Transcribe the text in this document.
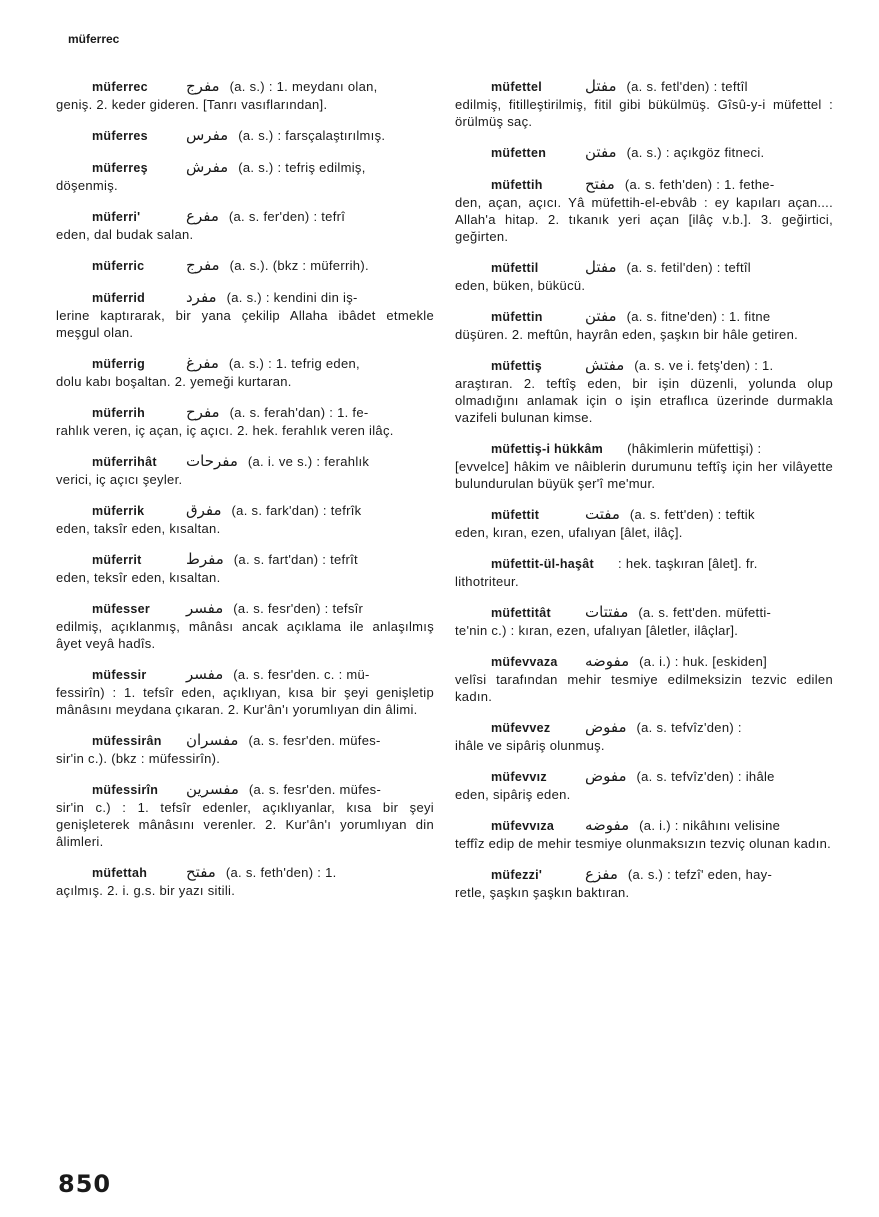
müferrec
müferrec	مفرج (a. s.) : 1. meydanı olan,
geniş. 2. keder gideren. [Tanrı vasıflarından].
müferres	مفرس (a. s.) : farsçalaştırılmış.
müferreş	مفرش (a. s.) : tefriş edilmiş,
döşenmiş.
müferri'	مفرع (a. s. fer'den) : tefrî
eden, dal budak salan.
müferric	مفرج (a. s.). (bkz : müferrih).
müferrid	مفرد (a. s.) : kendini din iş-
lerine kaptırarak, bir yana çekilip Allaha ibâdet etmekle meşgul olan.
müferrig	مفرغ (a. s.) : 1. tefrig eden,
dolu kabı boşaltan. 2. yemeği kurtaran.
müferrih	مفرح (a. s. ferah'dan) : 1. fe-
rahlık veren, iç açan, iç açıcı. 2. hek. ferahlık veren ilâç.
müferrihât	مفرحات (a. i. ve s.) : ferahlık
verici, iç açıcı şeyler.
müferrik	مفرق (a. s. fark'dan) : tefrîk
eden, taksîr eden, kısaltan.
müferrit	مفرط (a. s. fart'dan) : tefrît
eden, teksîr eden, kısaltan.
müfesser	مفسر (a. s. fesr'den) : tefsîr
edilmiş, açıklanmış, mânâsı ancak açıklama ile anlaşılmış âyet veyâ hadîs.
müfessir	مفسر (a. s. fesr'den. c. : mü-
fessirîn) : 1. tefsîr eden, açıklıyan, kısa bir şeyi genişletip mânâsını meydana çıkaran. 2. Kur'ân'ı yorumlıyan din âlimi.
müfessirân	مفسران (a. s. fesr'den. müfes-
sir'in c.). (bkz : müfessirîn).
müfessirîn	مفسرين (a. s. fesr'den. müfes-
sir'in c.) : 1. tefsîr edenler, açıklıyanlar, kısa bir şeyi genişleterek mânâsını verenler. 2. Kur'ân'ı yorumlıyan din âlimleri.
müfettah	مفتح (a. s. feth'den) : 1.
açılmış. 2. i. g.s. bir yazı sitili.
müfettel	مفتل (a. s. fetl'den) : teftîl
edilmiş, fitilleştirilmiş, fitil gibi bükülmüş. Gîsû-y-i müfettel : örülmüş saç.
müfetten	مفتن (a. s.) : açıkgöz fitneci.
müfettih	مفتح (a. s. feth'den) : 1. fethe-
den, açan, açıcı. Yâ müfettih-el-ebvâb : ey kapıları açan.... Allah'a hitap. 2. tıkanık yeri açan [ilâç v.b.]. 3. geğirtici, geğirten.
müfettil	مفتل (a. s. fetil'den) : teftîl
eden, büken, bükücü.
müfettin	مفتن (a. s. fitne'den) : 1. fitne
düşüren. 2. meftûn, hayrân eden, şaşkın bir hâle getiren.
müfettiş	مفتش (a. s. ve i. fetş'den) : 1.
araştıran. 2. teftîş eden, bir işin düzenli, yolunda olup olmadığını anlamak için o işin etraflıca üzerinde durmakla vazifeli bulunan kimse.
müfettiş-i hükkâm (hâkimlerin müfettişi) :
[evvelce] hâkim ve nâiblerin durumunu teftîş için her vilâyette bulundurulan büyük şer'î me'mur.
müfettit	مفتت (a. s. fett'den) : teftik
eden, kıran, ezen, ufalıyan [âlet, ilâç].
müfettit-ül-haşât : hek. taşkıran [âlet]. fr.
lithotriteur.
müfettitât	مفتتات (a. s. fett'den. müfetti-
te'nin c.) : kıran, ezen, ufalıyan [âletler, ilâçlar].
müfevvaza	مفوضه (a. i.) : huk. [eskiden]
velîsi tarafından mehir tesmiye edilmeksizin tezvic edilen kadın.
müfevvez	مفوض (a. s. tefvîz'den) :
ihâle ve sipâriş olunmuş.
müfevvız	مفوض (a. s. tefvîz'den) : ihâle
eden, sipâriş eden.
müfevvıza	مفوضه (a. i.) : nikâhını velisine
teffîz edip de mehir tesmiye olunmaksızın tezviç olunan kadın.
müfezzi'	مفزع (a. s.) : tefzî' eden, hay-
retle, şaşkın şaşkın baktıran.
850
